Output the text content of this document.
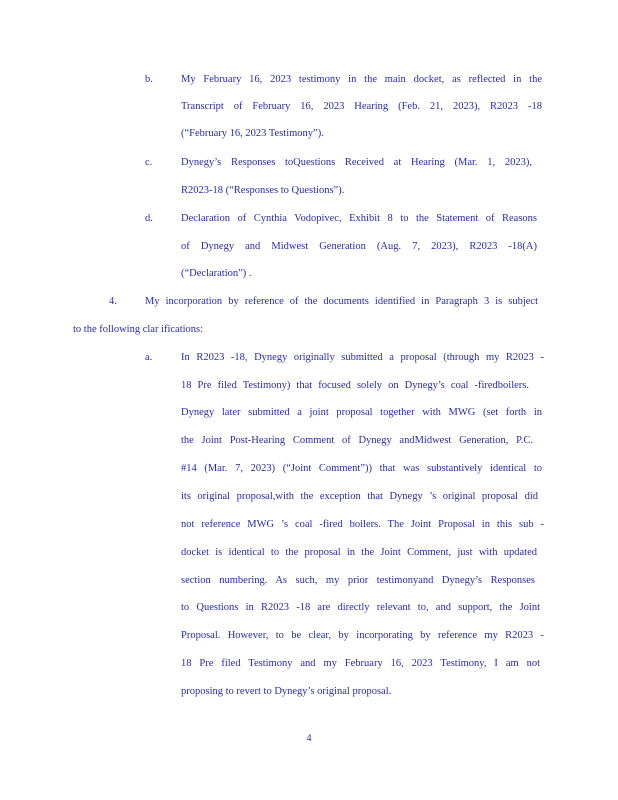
b.	My February 16, 2023 testimony in the main docket, as reflected in the
Transcript of February 16, 2023 Hearing (Feb. 21, 2023), R2023 -18
(“February 16, 2023 Testimony”).
c.	Dynegy’s Responses toQuestions Received at Hearing (Mar. 1, 2023),
R2023-18 (“Responses to Questions”).
d.	Declaration of Cynthia Vodopivec, Exhibit 8 to the Statement of Reasons
of Dynegy and Midwest Generation (Aug. 7, 2023), R2023 -18(A)
(“Declaration”) .
4.	My incorporation by reference of the documents identified in Paragraph 3 is subject
to the following clar ifications:
a.	In R2023 -18, Dynegy originally submitted a proposal (through my R2023 -
18 Pre filed Testimony) that focused solely on Dynegy’s coal -firedboilers.
Dynegy later submitted a joint proposal together with MWG (set forth in
the Joint Post-Hearing Comment of Dynegy andMidwest Generation, P.C.
#14 (Mar. 7, 2023) (“Joint Comment”)) that was substantively identical to
its original proposal,with the exception that Dynegy ’s original proposal did
not reference MWG ’s coal -fired boilers. The Joint Proposal in this sub -
docket is identical to the proposal in the Joint Comment, just with updated
section numbering. As such, my prior testimonyand Dynegy’s Responses
to Questions in R2023 -18 are directly relevant to, and support, the Joint
Proposal. However, to be clear, by incorporating by reference my R2023 -
18 Pre filed Testimony and my February 16, 2023 Testimony, I am not
proposing to revert to Dynegy’s original proposal.
4
